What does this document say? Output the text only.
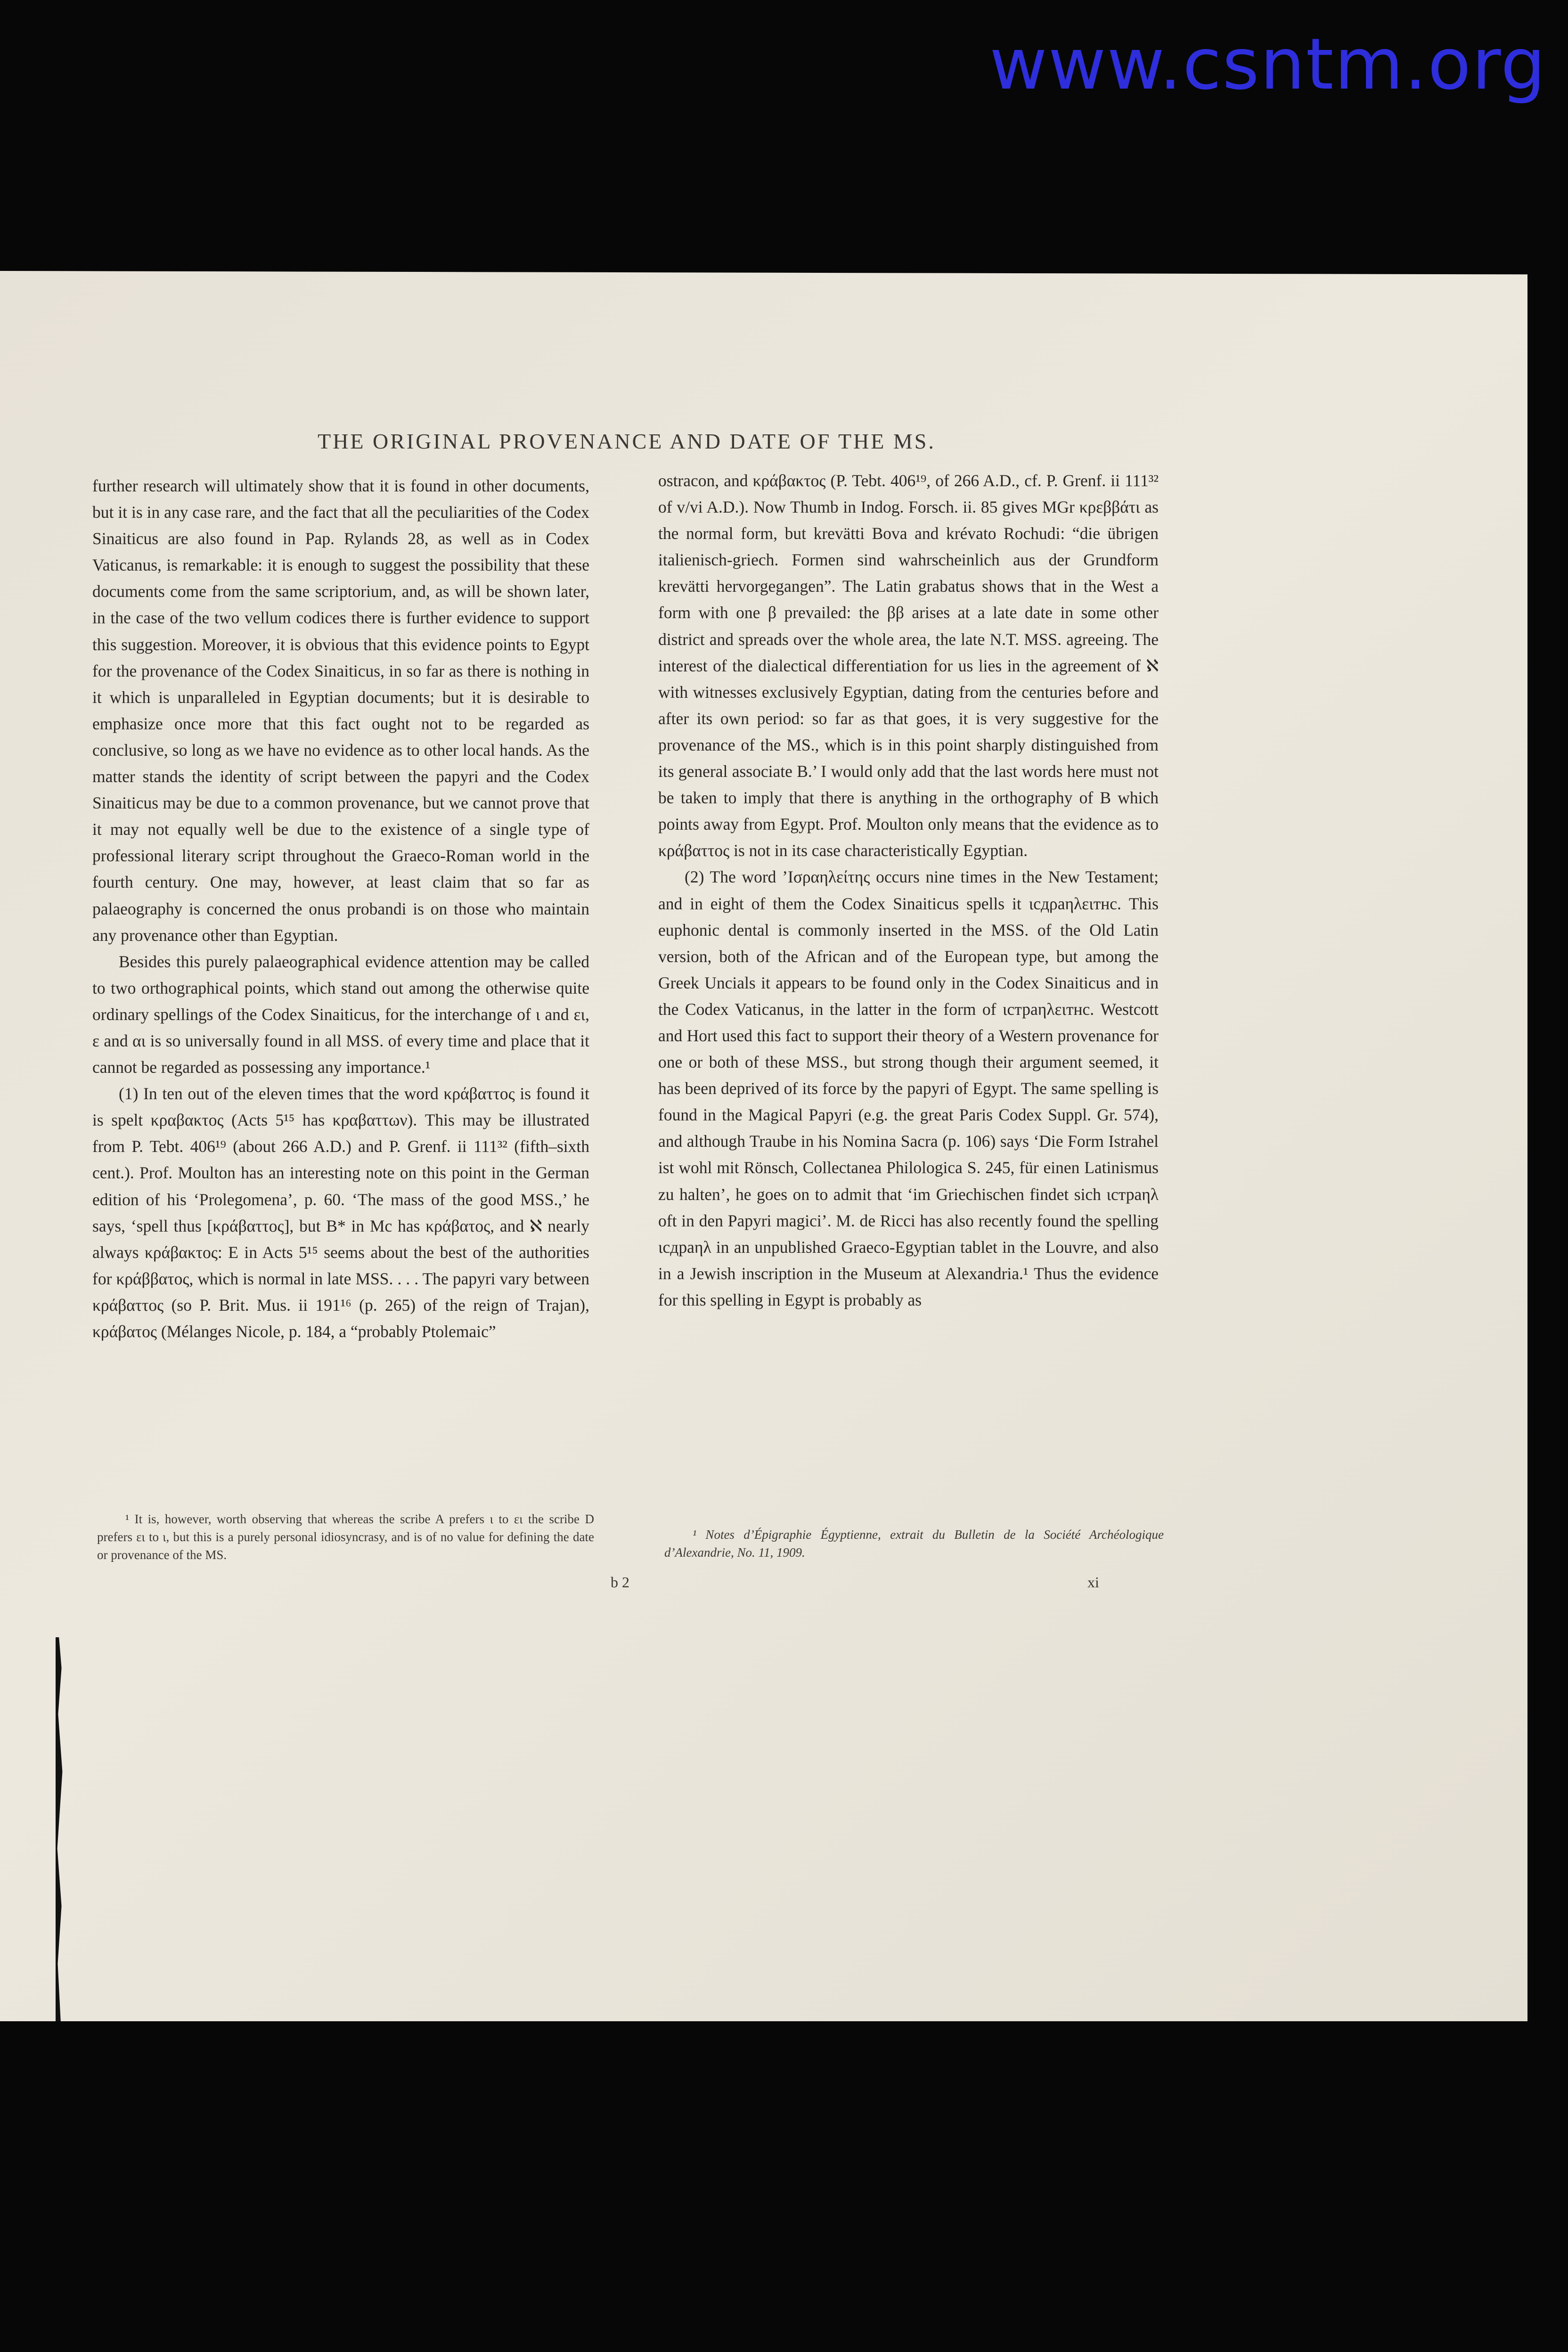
www.csntm.org
THE ORIGINAL PROVENANCE AND DATE OF THE MS.

further research will ultimately show that it is found in other documents, but it is in any case rare, and the fact that all the peculiarities of the Codex Sinaiticus are also found in Pap. Rylands 28, as well as in Codex Vaticanus, is remarkable: it is enough to suggest the possibility that these documents come from the same scriptorium, and, as will be shown later, in the case of the two vellum codices there is further evidence to support this suggestion. Moreover, it is obvious that this evidence points to Egypt for the provenance of the Codex Sinaiticus, in so far as there is nothing in it which is unparalleled in Egyptian documents; but it is desirable to emphasize once more that this fact ought not to be regarded as conclusive, so long as we have no evidence as to other local hands. As the matter stands the identity of script between the papyri and the Codex Sinaiticus may be due to a common provenance, but we cannot prove that it may not equally well be due to the existence of a single type of professional literary script throughout the Graeco-Roman world in the fourth century. One may, however, at least claim that so far as palaeography is concerned the onus probandi is on those who maintain any provenance other than Egyptian.

Besides this purely palaeographical evidence attention may be called to two orthographical points, which stand out among the otherwise quite ordinary spellings of the Codex Sinaiticus, for the interchange of ι and ει, ε and αι is so universally found in all MSS. of every time and place that it cannot be regarded as possessing any importance.¹

(1) In ten out of the eleven times that the word κράβαττος is found it is spelt κραβακτος (Acts 5¹⁵ has κραβαττων). This may be illustrated from P. Tebt. 406¹⁹ (about 266 A.D.) and P. Grenf. ii 111³² (fifth–sixth cent.). Prof. Moulton has an interesting note on this point in the German edition of his ‘Prolegomena’, p. 60. ‘The mass of the good MSS.,’ he says, ‘spell thus [κράβαττος], but B* in Mc has κράβατος, and ℵ nearly always κράβακτος: E in Acts 5¹⁵ seems about the best of the authorities for κράββατος, which is normal in late MSS. . . . The papyri vary between κράβαττος (so P. Brit. Mus. ii 191¹⁶ (p. 265) of the reign of Trajan), κράβατος (Mélanges Nicole, p. 184, a “probably Ptolemaic”

ostracon, and κράβακτος (P. Tebt. 406¹⁹, of 266 A.D., cf. P. Grenf. ii 111³² of v/vi A.D.). Now Thumb in Indog. Forsch. ii. 85 gives MGr κρεββάτι as the normal form, but krevätti Bova and krévato Rochudi: “die übrigen italienisch-griech. Formen sind wahrscheinlich aus der Grundform krevätti hervorgegangen”. The Latin grabatus shows that in the West a form with one β prevailed: the ββ arises at a late date in some other district and spreads over the whole area, the late N.T. MSS. agreeing. The interest of the dialectical differentiation for us lies in the agreement of ℵ with witnesses exclusively Egyptian, dating from the centuries before and after its own period: so far as that goes, it is very suggestive for the provenance of the MS., which is in this point sharply distinguished from its general associate B.’ I would only add that the last words here must not be taken to imply that there is anything in the orthography of B which points away from Egypt. Prof. Moulton only means that the evidence as to κράβαττος is not in its case characteristically Egyptian.

(2) The word ’Ισραηλείτης occurs nine times in the New Testament; and in eight of them the Codex Sinaiticus spells it ιсдρаηλειтнс. This euphonic dental is commonly inserted in the MSS. of the Old Latin version, both of the African and of the European type, but among the Greek Uncials it appears to be found only in the Codex Sinaiticus and in the Codex Vaticanus, in the latter in the form of ιстраηλειтнс. Westcott and Hort used this fact to support their theory of a Western provenance for one or both of these MSS., but strong though their argument seemed, it has been deprived of its force by the papyri of Egypt. The same spelling is found in the Magical Papyri (e.g. the great Paris Codex Suppl. Gr. 574), and although Traube in his Nomina Sacra (p. 106) says ‘Die Form Istrahel ist wohl mit Rönsch, Collectanea Philologica S. 245, für einen Latinismus zu halten’, he goes on to admit that ‘im Griechischen findet sich ιстраηλ oft in den Papyri magici’. M. de Ricci has also recently found the spelling ιсдраηλ in an unpublished Graeco-Egyptian tablet in the Louvre, and also in a Jewish inscription in the Museum at Alexandria.¹ Thus the evidence for this spelling in Egypt is probably as

¹ It is, however, worth observing that whereas the scribe A prefers ι to ει the scribe D prefers ει to ι, but this is a purely personal idiosyncrasy, and is of no value for defining the date or provenance of the MS.
¹ Notes d’Épigraphie Égyptienne, extrait du Bulletin de la Société Archéologique d’Alexandrie, No. 11, 1909.
b 2	xi
